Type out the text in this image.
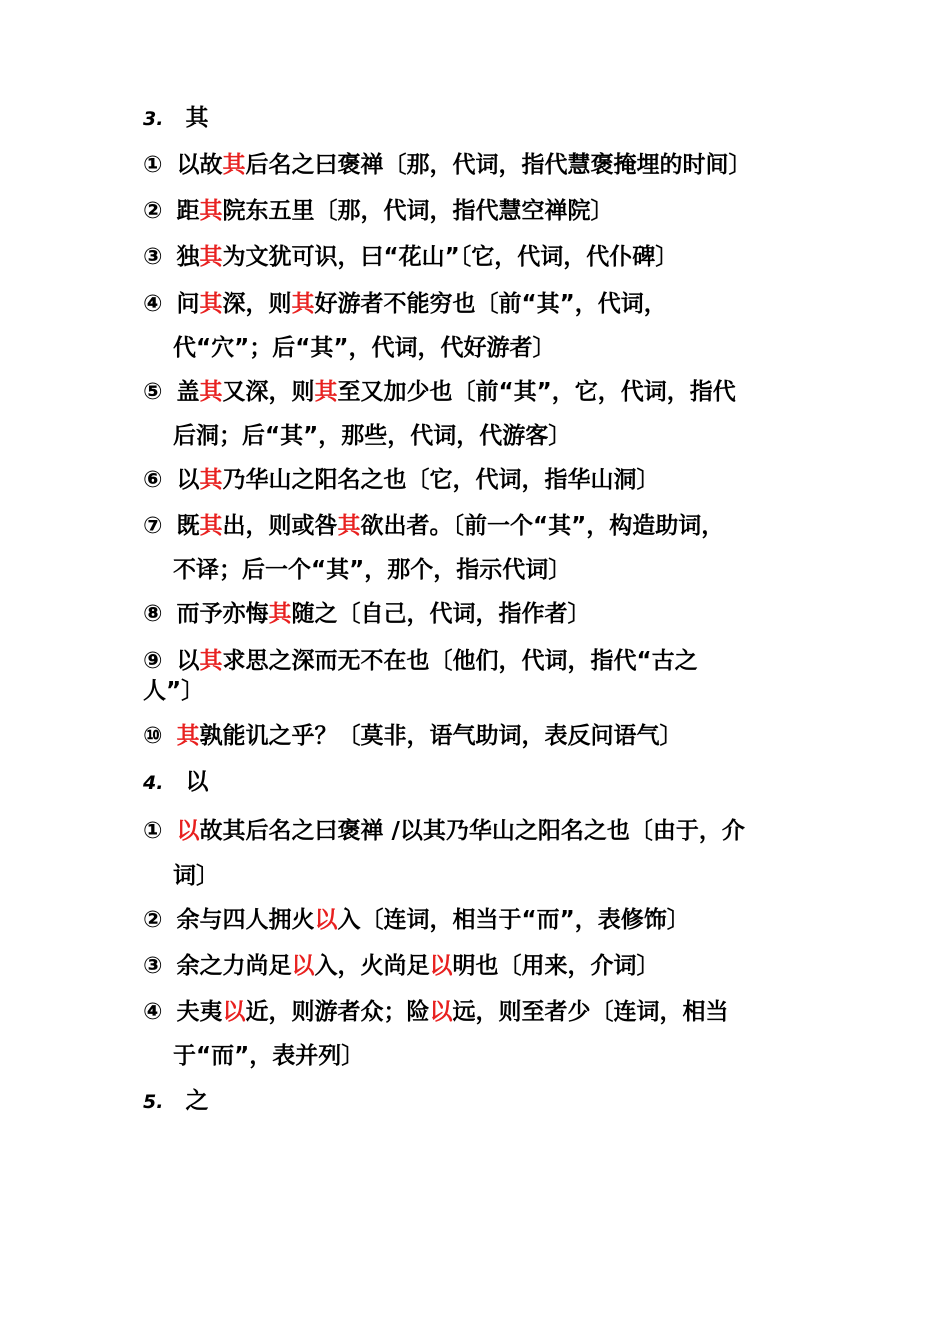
3. 其
① 以故其后名之曰褒禅〔那，代词，指代慧褒掩埋的时间〕
② 距其院东五里〔那，代词，指代慧空禅院〕
③ 独其为文犹可识，曰“花山”〔它，代词，代仆碑〕
④ 问其深，则其好游者不能穷也〔前“其”，代词，
代“穴”；后“其”，代词，代好游者〕
⑤ 盖其又深，则其至又加少也〔前“其”，它，代词，指代
后洞；后“其”，那些，代词，代游客〕
⑥ 以其乃华山之阳名之也〔它，代词，指华山洞〕
⑦ 既其出，则或咎其欲出者。〔前一个“其”，构造助词，
不译；后一个“其”，那个，指示代词〕
⑧ 而予亦悔其随之〔自己，代词，指作者〕
⑨ 以其求思之深而无不在也〔他们，代词，指代“古之
人”〕
⑩ 其孰能讥之乎？〔莫非，语气助词，表反问语气〕
4. 以
① 以故其后名之曰褒禅 /以其乃华山之阳名之也〔由于，介
词〕
② 余与四人拥火以入〔连词，相当于“而”，表修饰〕
③ 余之力尚足以入，火尚足以明也〔用来，介词〕
④ 夫夷以近，则游者众；险以远，则至者少〔连词，相当
于“而”，表并列〕
5. 之
